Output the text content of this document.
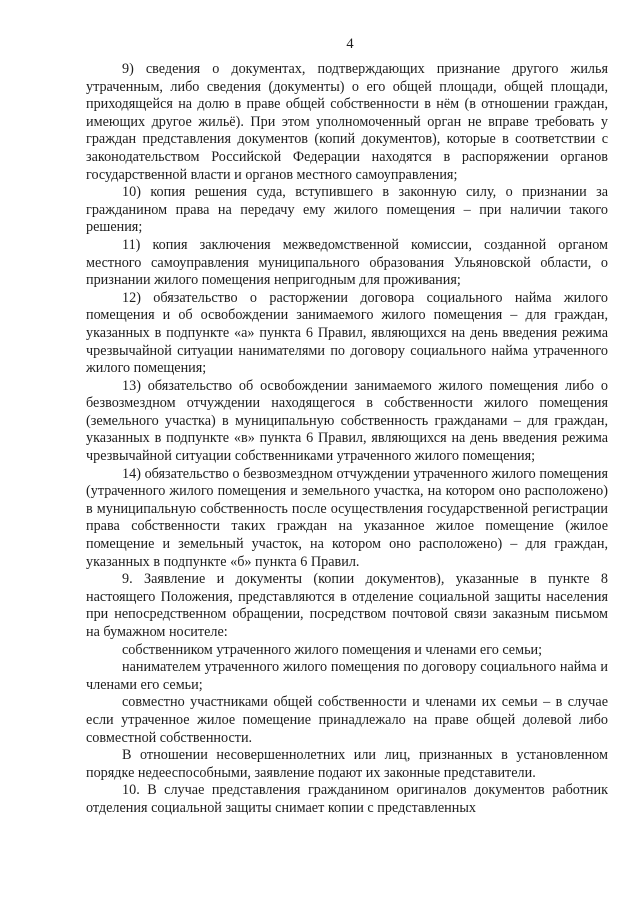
4

9) сведения о документах, подтверждающих признание другого жилья утраченным, либо сведения (документы) о его общей площади, общей площади, приходящейся на долю в праве общей собственности в нём (в отношении граждан, имеющих другое жильё). При этом уполномоченный орган не вправе требовать у граждан представления документов (копий документов), которые в соответствии с законодательством Российской Федерации находятся в распоряжении органов государственной власти и органов местного самоуправления;

10) копия решения суда, вступившего в законную силу, о признании за гражданином права на передачу ему жилого помещения – при наличии такого решения;

11) копия заключения межведомственной комиссии, созданной органом местного самоуправления муниципального образования Ульяновской области, о признании жилого помещения непригодным для проживания;

12) обязательство о расторжении договора социального найма жилого помещения и об освобождении занимаемого жилого помещения – для граждан, указанных в подпункте «а» пункта 6 Правил, являющихся на день введения режима чрезвычайной ситуации нанимателями по договору социального найма утраченного жилого помещения;

13) обязательство об освобождении занимаемого жилого помещения либо о безвозмездном отчуждении находящегося в собственности жилого помещения (земельного участка) в муниципальную собственность гражданами – для граждан, указанных в подпункте «в» пункта 6 Правил, являющихся на день введения режима чрезвычайной ситуации собственниками утраченного жилого помещения;

14) обязательство о безвозмездном отчуждении утраченного жилого помещения (утраченного жилого помещения и земельного участка, на котором оно расположено) в муниципальную собственность после осуществления государственной регистрации права собственности таких граждан на указанное жилое помещение (жилое помещение и земельный участок, на котором оно расположено) – для граждан, указанных в подпункте «б» пункта 6 Правил.

9. Заявление и документы (копии документов), указанные в пункте 8 настоящего Положения, представляются в отделение социальной защиты населения при непосредственном обращении, посредством почтовой связи заказным письмом на бумажном носителе:

собственником утраченного жилого помещения и членами его семьи;

нанимателем утраченного жилого помещения по договору социального найма и членами его семьи;

совместно участниками общей собственности и членами их семьи – в случае если утраченное жилое помещение принадлежало на праве общей долевой либо совместной собственности.

В отношении несовершеннолетних или лиц, признанных в установленном порядке недееспособными, заявление подают их законные представители.

10. В случае представления гражданином оригиналов документов работник отделения социальной защиты снимает копии с представленных
